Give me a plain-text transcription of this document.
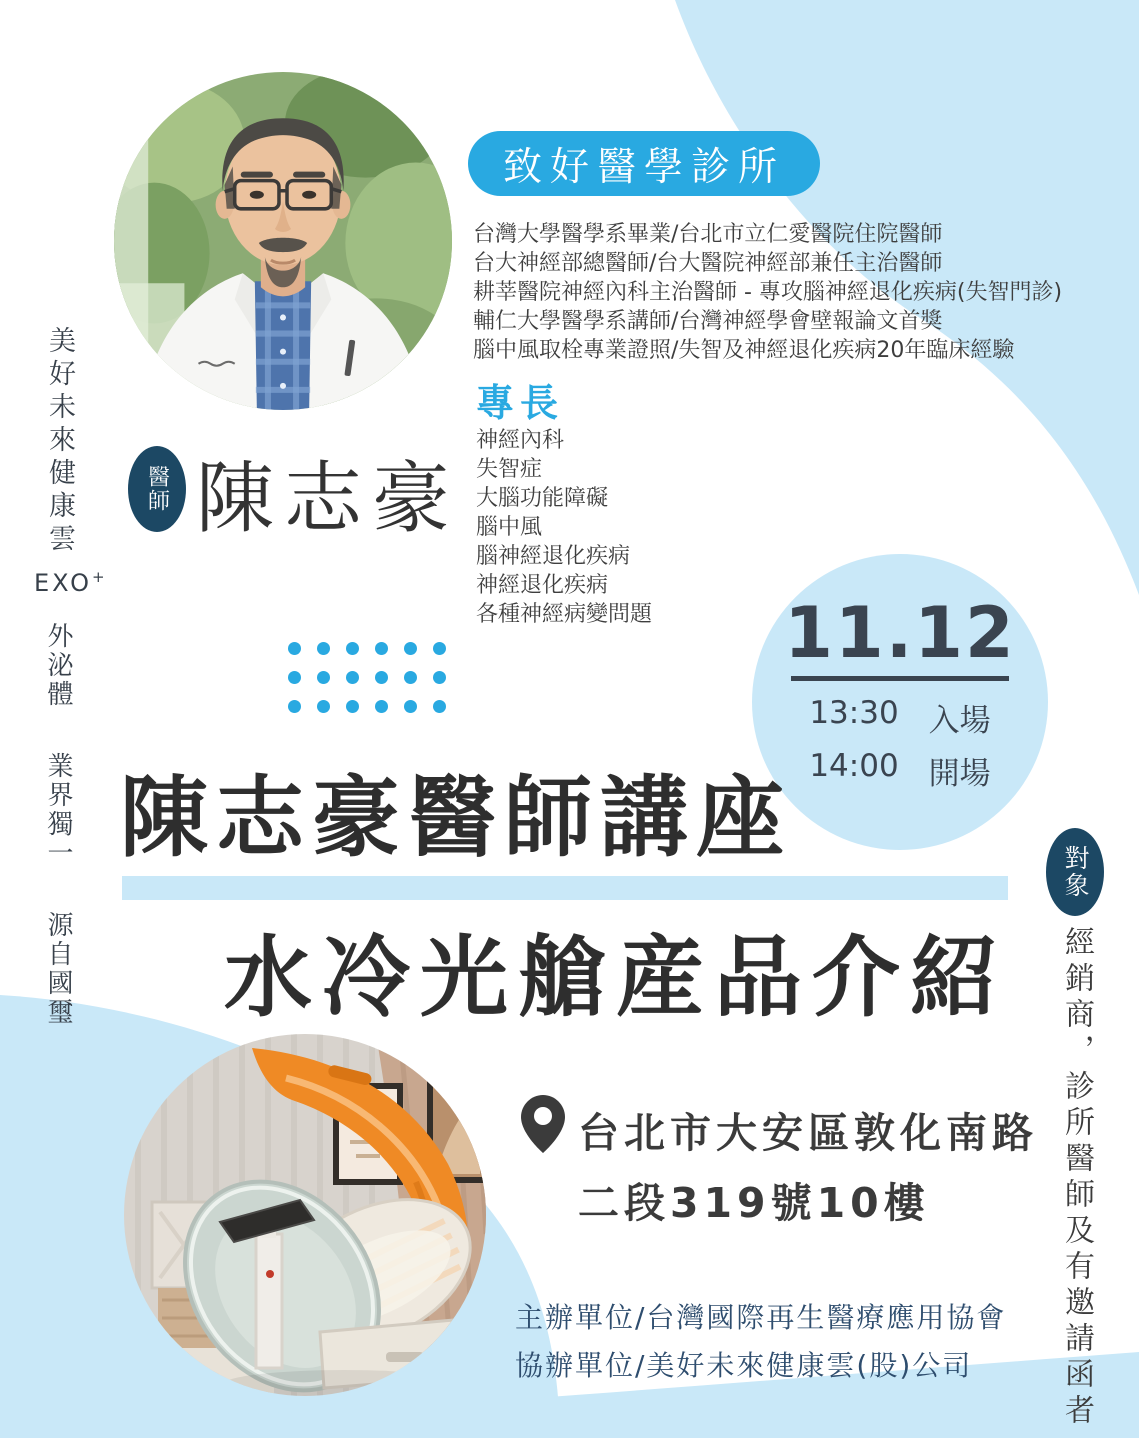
致好醫學診所
台灣大學醫學系畢業/台北市立仁愛醫院住院醫師
台大神經部總醫師/台大醫院神經部兼任主治醫師
耕莘醫院神經內科主治醫師 - 專攻腦神經退化疾病(失智門診)
輔仁大學醫學系講師/台灣神經學會壁報論文首獎
腦中風取栓專業證照/失智及神經退化疾病20年臨床經驗
專長
神經內科
失智症
大腦功能障礙
腦中風
腦神經退化疾病
神經退化疾病
各種神經病變問題
美好未來健康雲
EXO+
外泌體 業界獨一 源自國璽
醫師 陳志豪
11.12
13:30 入場
14:00 開場
陳志豪醫師講座
水冷光艙産品介紹
對象
經銷商，診所醫師及有邀請函者
台北市大安區敦化南路
二段319號10樓
主辦單位/台灣國際再生醫療應用協會
協辦單位/美好未來健康雲(股)公司
